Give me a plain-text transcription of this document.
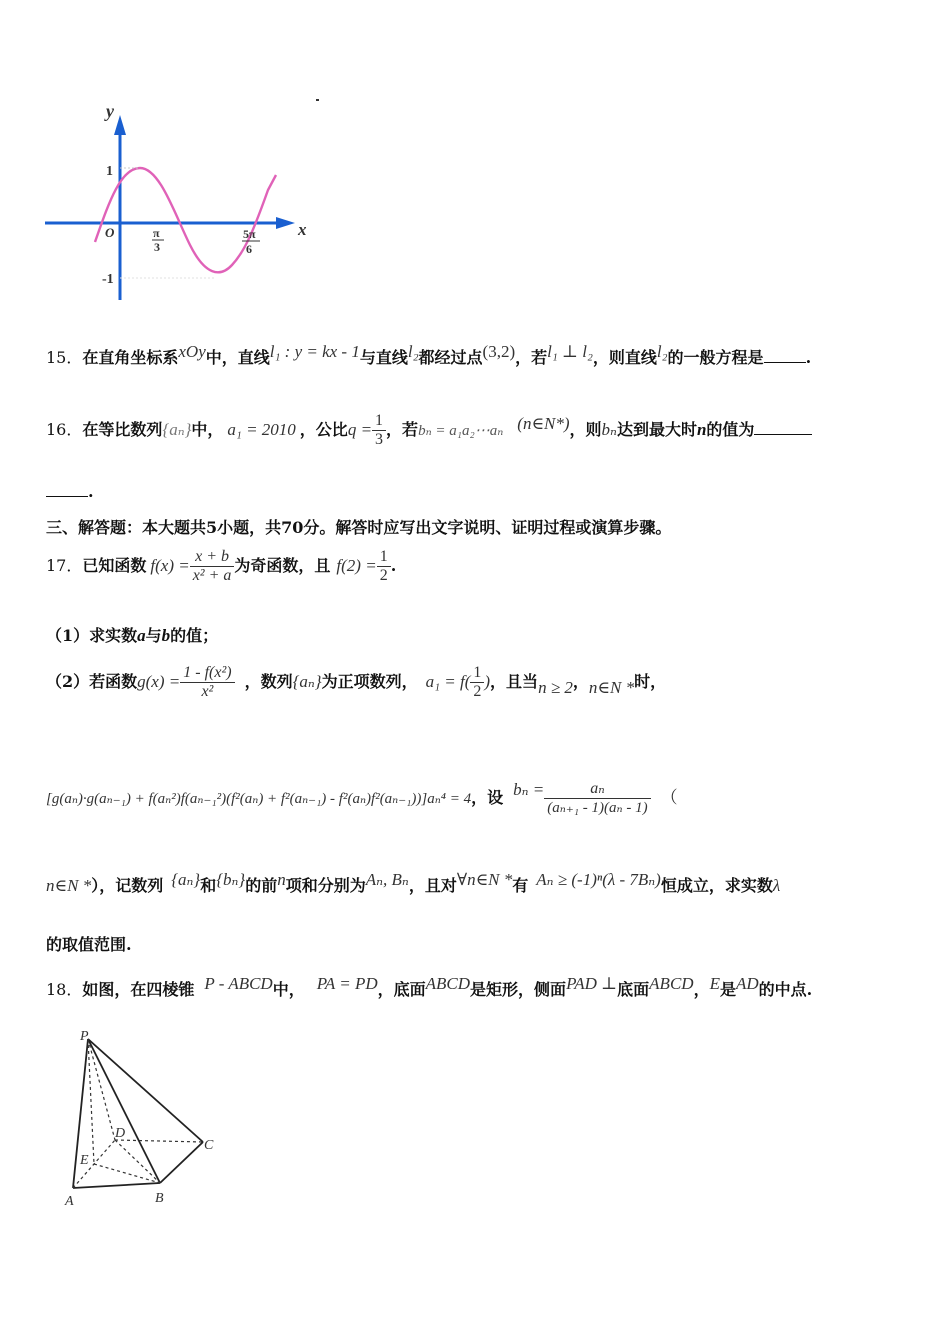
y
x
O
1
-1
π
3
5π
6
15．在直角坐标系xOy中，直线l₁ : y = kx - 1与直线l₂都经过点(3,2)，若l₁ ⊥ l₂，则直线l₂的一般方程是	.
16．在等比数列{aₙ}中， a₁ = 2010 ，公比$q = \frac{1}{3}$ ，若bₙ = a₁a₂⋯aₙ (n∈N*)，则bₙ达到最大时n的值为
.
三、解答题：本大题共5小题，共70分。解答时应写出文字说明、证明过程或演算步骤。
17．已知函数 $f(x) = \frac{x + b}{\text{x² + a}}$ 为奇函数，且 $f(2) = \frac{1}{2}$ .
（1）求实数a与b的值；
（2）若函数$g(x) = \frac{\text{1 - f(x²)}}{\text{x²}}$ ，数列{aₙ}为正项数列， $a_1 = f( \frac{1}{2}$ )，且当n ≥ 2，n∈N *时，
[g(aₙ)·g(aₙ₋₁) + f(aₙ²)f(aₙ₋₁²)(f²(aₙ) + f²(aₙ₋₁) - f²(aₙ)f²(aₙ₋₁))]aₙ⁴ = 4，设 $b_n = \frac{\text{aₙ}}{\text{(aₙ₊₁ - 1)(aₙ - 1)}}$ （
n∈N *），记数列 {aₙ}和{bₙ}的前n项和分别为Aₙ, Bₙ，且对∀n∈N *有 Aₙ ≥ (-1)ⁿ(λ - 7Bₙ)恒成立，求实数λ
的取值范围.
18．如图，在四棱锥 P - ABCD中， PA = PD，底面ABCD是矩形，侧面PAD ⊥底面ABCD，E是AD的中点.
P
A	B
C
D
E
